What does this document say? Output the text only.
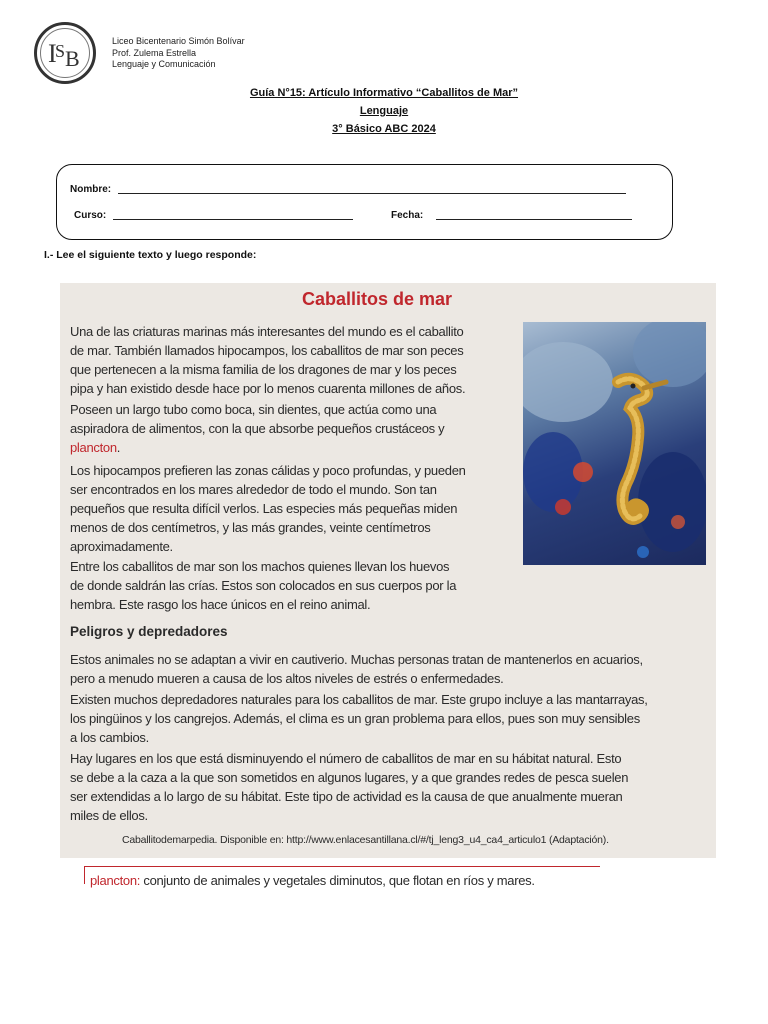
I
S B
Liceo Bicentenario Simón Bolívar
Prof. Zulema Estrella
Lenguaje y Comunicación
Guía N°15: Artículo Informativo “Caballitos de Mar”
Lenguaje
3° Básico ABC 2024
Nombre:
Curso:	Fecha:
I.- Lee el siguiente texto y luego responde:
Caballitos de mar
Una de las criaturas marinas más interesantes del mundo es el caballito
de mar. También llamados hipocampos, los caballitos de mar son peces
que pertenecen a la misma familia de los dragones de mar y los peces
pipa y han existido desde hace por lo menos cuarenta millones de años.
Poseen un largo tubo como boca, sin dientes, que actúa como una
aspiradora de alimentos, con la que absorbe pequeños crustáceos y
plancton.
Los hipocampos prefieren las zonas cálidas y poco profundas, y pueden
ser encontrados en los mares alrededor de todo el mundo. Son tan
pequeños que resulta difícil verlos. Las especies más pequeñas miden
menos de dos centímetros, y las más grandes, veinte centímetros
aproximadamente.
Entre los caballitos de mar son los machos quienes llevan los huevos
de donde saldrán las crías. Estos son colocados en sus cuerpos por la
hembra. Este rasgo los hace únicos en el reino animal.
Peligros y depredadores
Estos animales no se adaptan a vivir en cautiverio. Muchas personas tratan de mantenerlos en acuarios,
pero a menudo mueren a causa de los altos niveles de estrés o enfermedades.
Existen muchos depredadores naturales para los caballitos de mar. Este grupo incluye a las mantarrayas,
los pingüinos y los cangrejos. Además, el clima es un gran problema para ellos, pues son muy sensibles
a los cambios.
Hay lugares en los que está disminuyendo el número de caballitos de mar en su hábitat natural. Esto
se debe a la caza a la que son sometidos en algunos lugares, y a que grandes redes de pesca suelen
ser extendidas a lo largo de su hábitat. Este tipo de actividad es la causa de que anualmente mueran
miles de ellos.
Caballitodemarpedia. Disponible en: http://www.enlacesantillana.cl/#/tj_leng3_u4_ca4_articulo1 (Adaptación).
plancton: conjunto de animales y vegetales diminutos, que flotan en ríos y mares.
